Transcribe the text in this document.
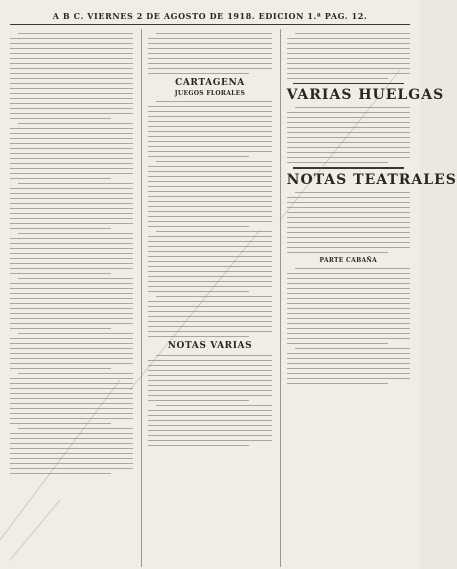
A B C. VIERNES 2 DE AGOSTO DE 1918. EDICION 1.ª PAG. 12.
CARTAGENA
JUEGOS FLORALES
NOTAS VARIAS
VARIAS HUELGAS
NOTAS TEATRALES
PARTE CABAÑA
